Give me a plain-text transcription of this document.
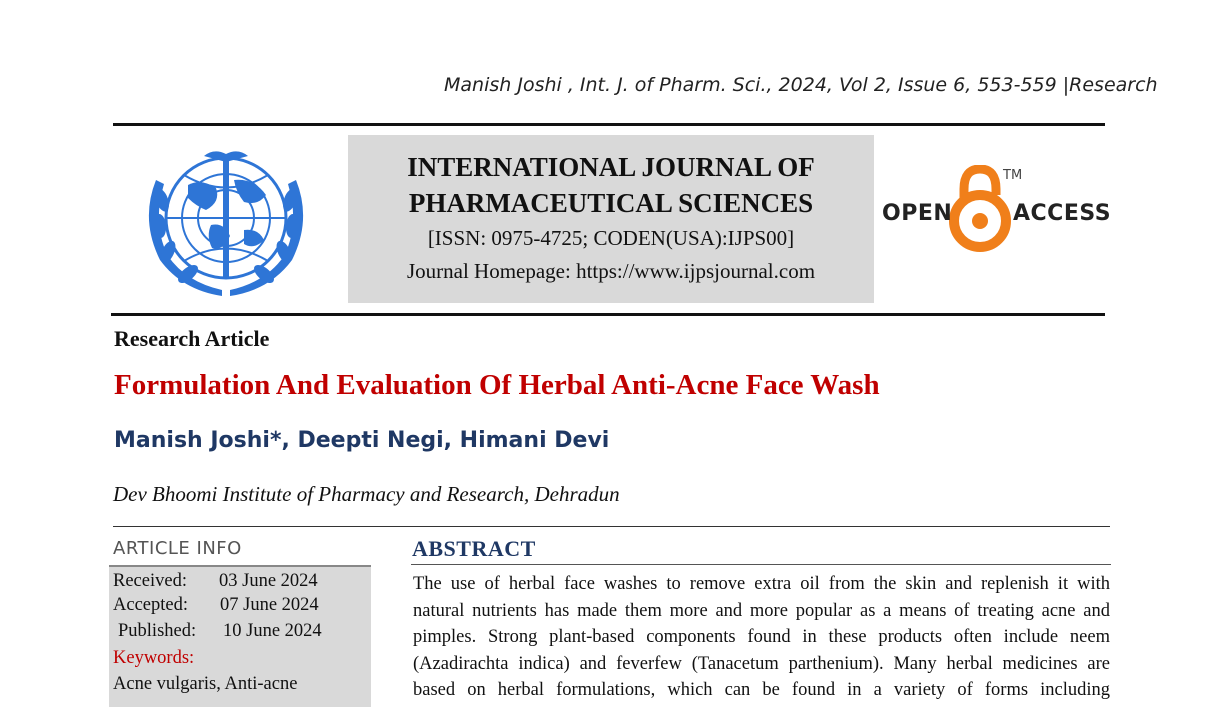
Manish Joshi , Int. J. of Pharm. Sci., 2024, Vol 2, Issue 6, 553-559 |Research
INTERNATIONAL JOURNAL OF
PHARMACEUTICAL SCIENCES
[ISSN: 0975-4725; CODEN(USA):IJPS00]
Journal Homepage: https://www.ijpsjournal.com
OPEN	ACCESS
TM
Research Article
Formulation And Evaluation Of Herbal Anti-Acne Face Wash
Manish Joshi*, Deepti Negi, Himani Devi
Dev Bhoomi Institute of Pharmacy and Research, Dehradun
ARTICLE INFO
Received: 03 June 2024
Accepted: 07 June 2024
Published: 10 June 2024
Keywords:
Acne vulgaris, Anti-acne
ABSTRACT
The use of herbal face washes to remove extra oil from the skin and replenish it with
natural nutrients has made them more and more popular as a means of treating acne and
pimples. Strong plant-based components found in these products often include neem
(Azadirachta indica) and feverfew (Tanacetum parthenium). Many herbal medicines are
based on herbal formulations, which can be found in a variety of forms including
